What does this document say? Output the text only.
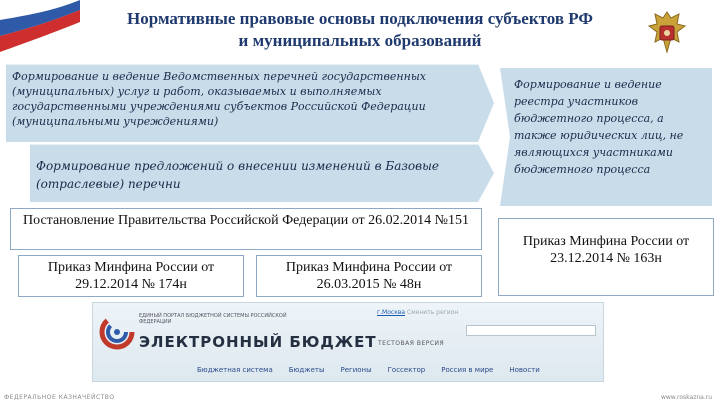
Нормативные правовые основы подключения субъектов РФ
и муниципальных образований
Формирование и ведение Ведомственных перечней государственных (муниципальных) услуг и работ, оказываемых и выполняемых государственными учреждениями субъектов Российской Федерации (муниципальными учреждениями)
Формирование предложений о внесении изменений в Базовые (отраслевые) перечни
Формирование и ведение реестра участников бюджетного процесса, а также юридических лиц, не являющихся участниками бюджетного процесса
Постановление Правительства Российской Федерации от 26.02.2014 №151
Приказ Минфина России от 29.12.2014 № 174н
Приказ Минфина России от 26.03.2015 № 48н
Приказ Минфина России от 23.12.2014 № 163н
ЕДИНЫЙ ПОРТАЛ БЮДЖЕТНОЙ СИСТЕМЫ РОССИЙСКОЙ ФЕДЕРАЦИИ
ЭЛЕКТРОННЫЙ БЮДЖЕТ
г.Москва Сменить регион
ТЕСТОВАЯ ВЕРСИЯ
Бюджетная система	Бюджеты	Регионы	Госсектор	Россия в мире	Новости
ФЕДЕРАЛЬНОЕ КАЗНАЧЕЙСТВО	www.roskazna.ru
